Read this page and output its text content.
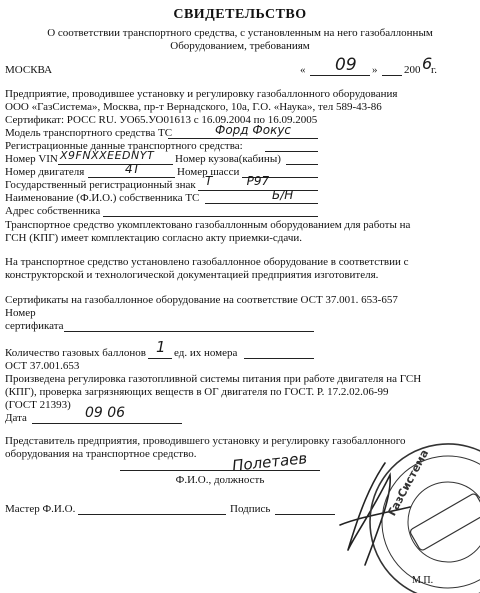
СВИДЕТЕЛЬСТВО
О соответствии транспортного средства, с установленным на него газобаллонным
Оборудованием, требованиям
МОСКВА	« 09 » 200 6
г.
Предприятие, проводившее установку и регулировку газобаллонного оборудования
ООО «ГазСистема», Москва, пр-т Вернадского, 10а, Г.О. «Наука», тел 589-43-86
Сертификат: РОСС RU. УО65.УО01613 с 16.09.2004 по 16.09.2005
Модель транспортного средства ТС	Форд Фокус
Регистрационные данные транспортного средства:
Номер VIN X9FNXXEEDNYT Номер кузова(кабины)
Номер двигателя	4Т	Номер шасси
Государственный регистрационный знак Т         Р97
Наименование (Ф.И.О.) собственника ТС	Б/Н
Адрес собственника
Транспортное средство укомплектовано газобаллонным оборудованием для работы на
ГСН (КПГ) имеет комплектацию согласно акту приемки-сдачи.
На транспортное средство установлено газобаллонное оборудование в соответствии с
конструкторской и технологической документацией предприятия изготовителя.
Сертификаты на газобаллонное оборудование на соответствие ОСТ 37.001. 653-657
Номер
сертификата
Количество газовых баллонов 1 ед. их номера
ОСТ 37.001.653
Произведена регулировка газотопливной системы питания при работе двигателя на ГСН
(КПГ), проверка загрязняющих веществ в ОГ двигателя по ГОСТ. Р. 17.2.02.06-99
(ГОСТ 21393)
Дата	09 06
Представитель предприятия, проводившего установку и регулировку газобаллонного
оборудования на транспортное средство. Полетаев
Ф.И.О., должность
Мастер Ф.И.О.	Подпись	ГазСистема
М.П.
